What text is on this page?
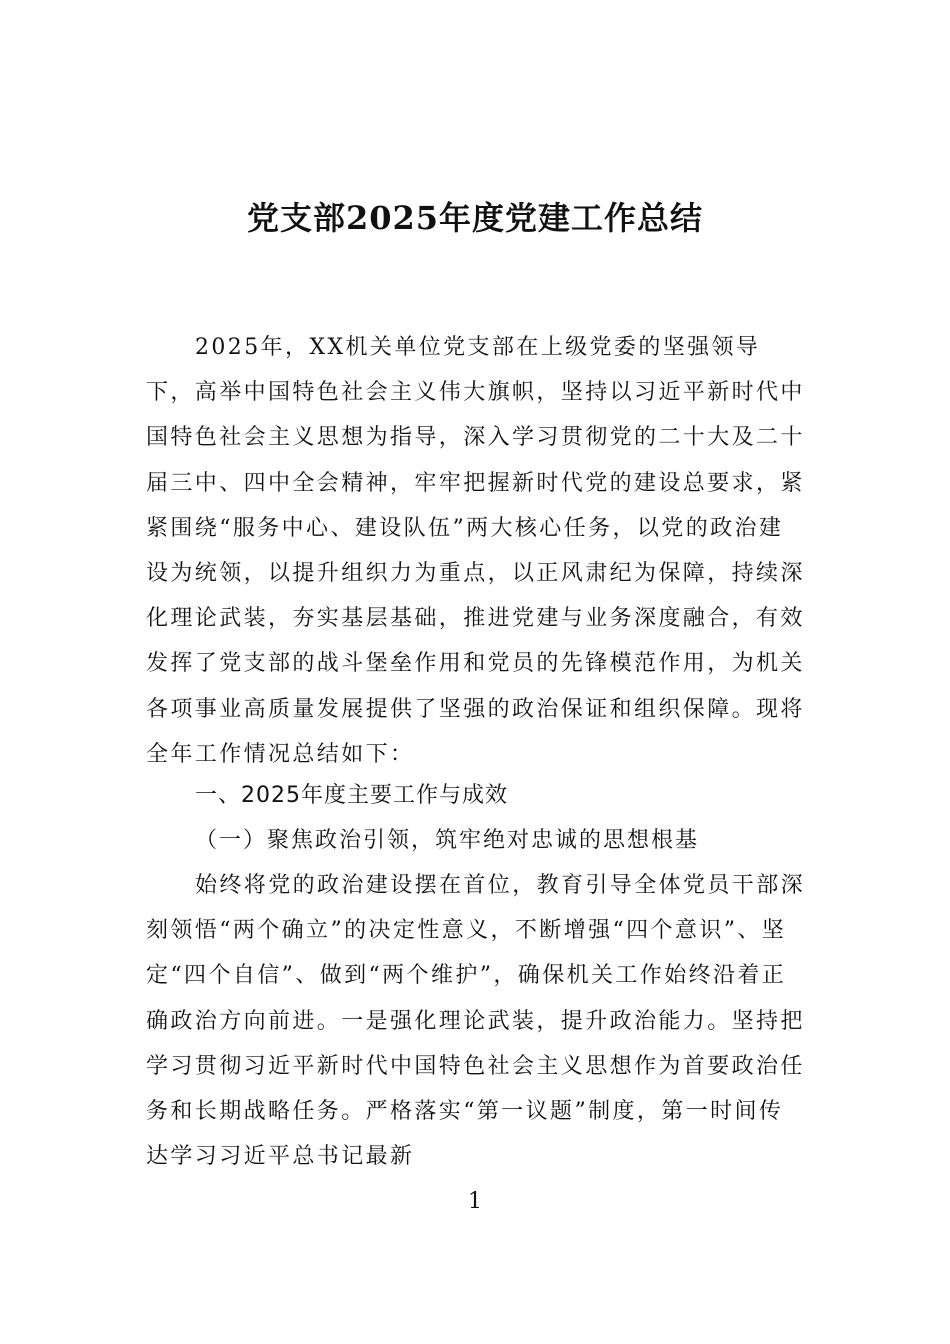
党支部2025年度党建工作总结
2025年，XX机关单位党支部在上级党委的坚强领导下，高举中国特色社会主义伟大旗帜，坚持以习近平新时代中国特色社会主义思想为指导，深入学习贯彻党的二十大及二十届三中、四中全会精神，牢牢把握新时代党的建设总要求，紧紧围绕“服务中心、建设队伍”两大核心任务，以党的政治建设为统领，以提升组织力为重点，以正风肃纪为保障，持续深化理论武装，夯实基层基础，推进党建与业务深度融合，有效发挥了党支部的战斗堡垒作用和党员的先锋模范作用，为机关各项事业高质量发展提供了坚强的政治保证和组织保障。现将全年工作情况总结如下：
一、2025年度主要工作与成效
（一）聚焦政治引领，筑牢绝对忠诚的思想根基
始终将党的政治建设摆在首位，教育引导全体党员干部深刻领悟“两个确立”的决定性意义，不断增强“四个意识”、坚定“四个自信”、做到“两个维护”，确保机关工作始终沿着正确政治方向前进。一是强化理论武装，提升政治能力。坚持把学习贯彻习近平新时代中国特色社会主义思想作为首要政治任务和长期战略任务。严格落实“第一议题”制度，第一时间传达学习习近平总书记最新
1
